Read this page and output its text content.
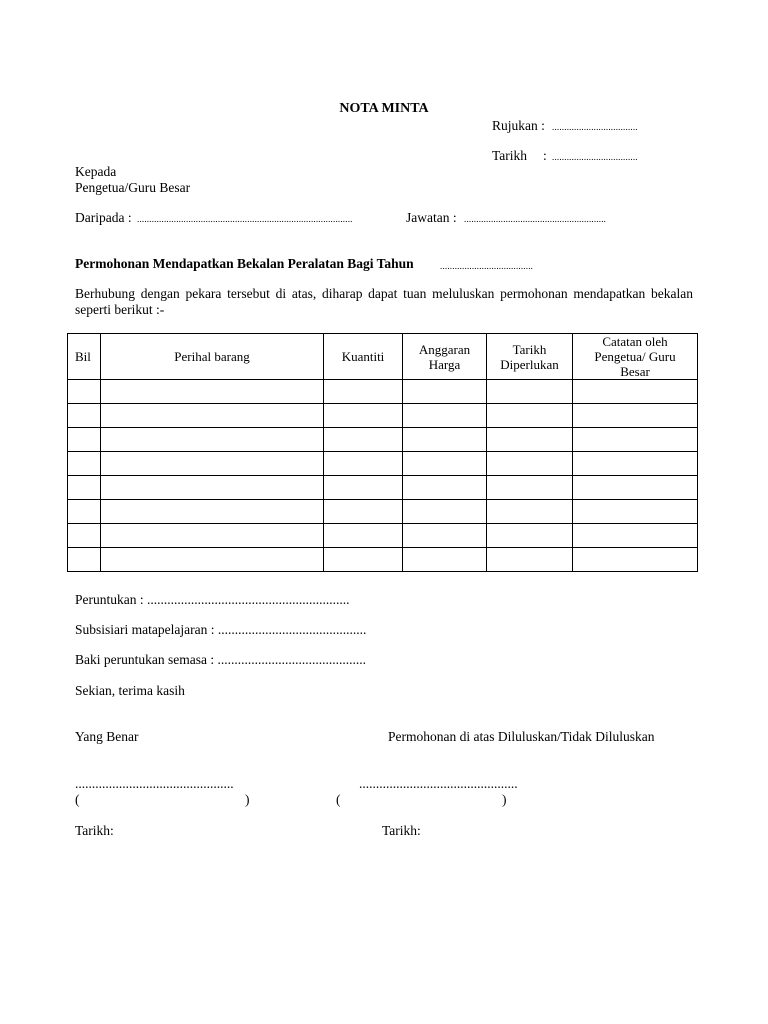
NOTA MINTA
Rujukan : ...................................
Tarikh : ...................................
Kepada
Pengetua/Guru Besar
Daripada : ........................................................................................	Jawatan : ..........................................................
Permohonan Mendapatkan Bekalan Peralatan Bagi Tahun	......................................
Berhubung dengan pekara tersebut di atas, diharap dapat tuan meluluskan permohonan mendapatkan bekalan seperti berikut :-
Bil	Perihal barang	Kuantiti	Anggaran Harga	Tarikh Diperlukan	Catatan oleh Pengetua/ Guru Besar

Peruntukan : ............................................................
Subsisiari matapelajaran : ............................................
Baki peruntukan semasa : ............................................
Sekian, terima kasih
Yang Benar	Permohonan di atas Diluluskan/Tidak Diluluskan
...............................................	...............................................
(	)	(	)
Tarikh:	Tarikh:
